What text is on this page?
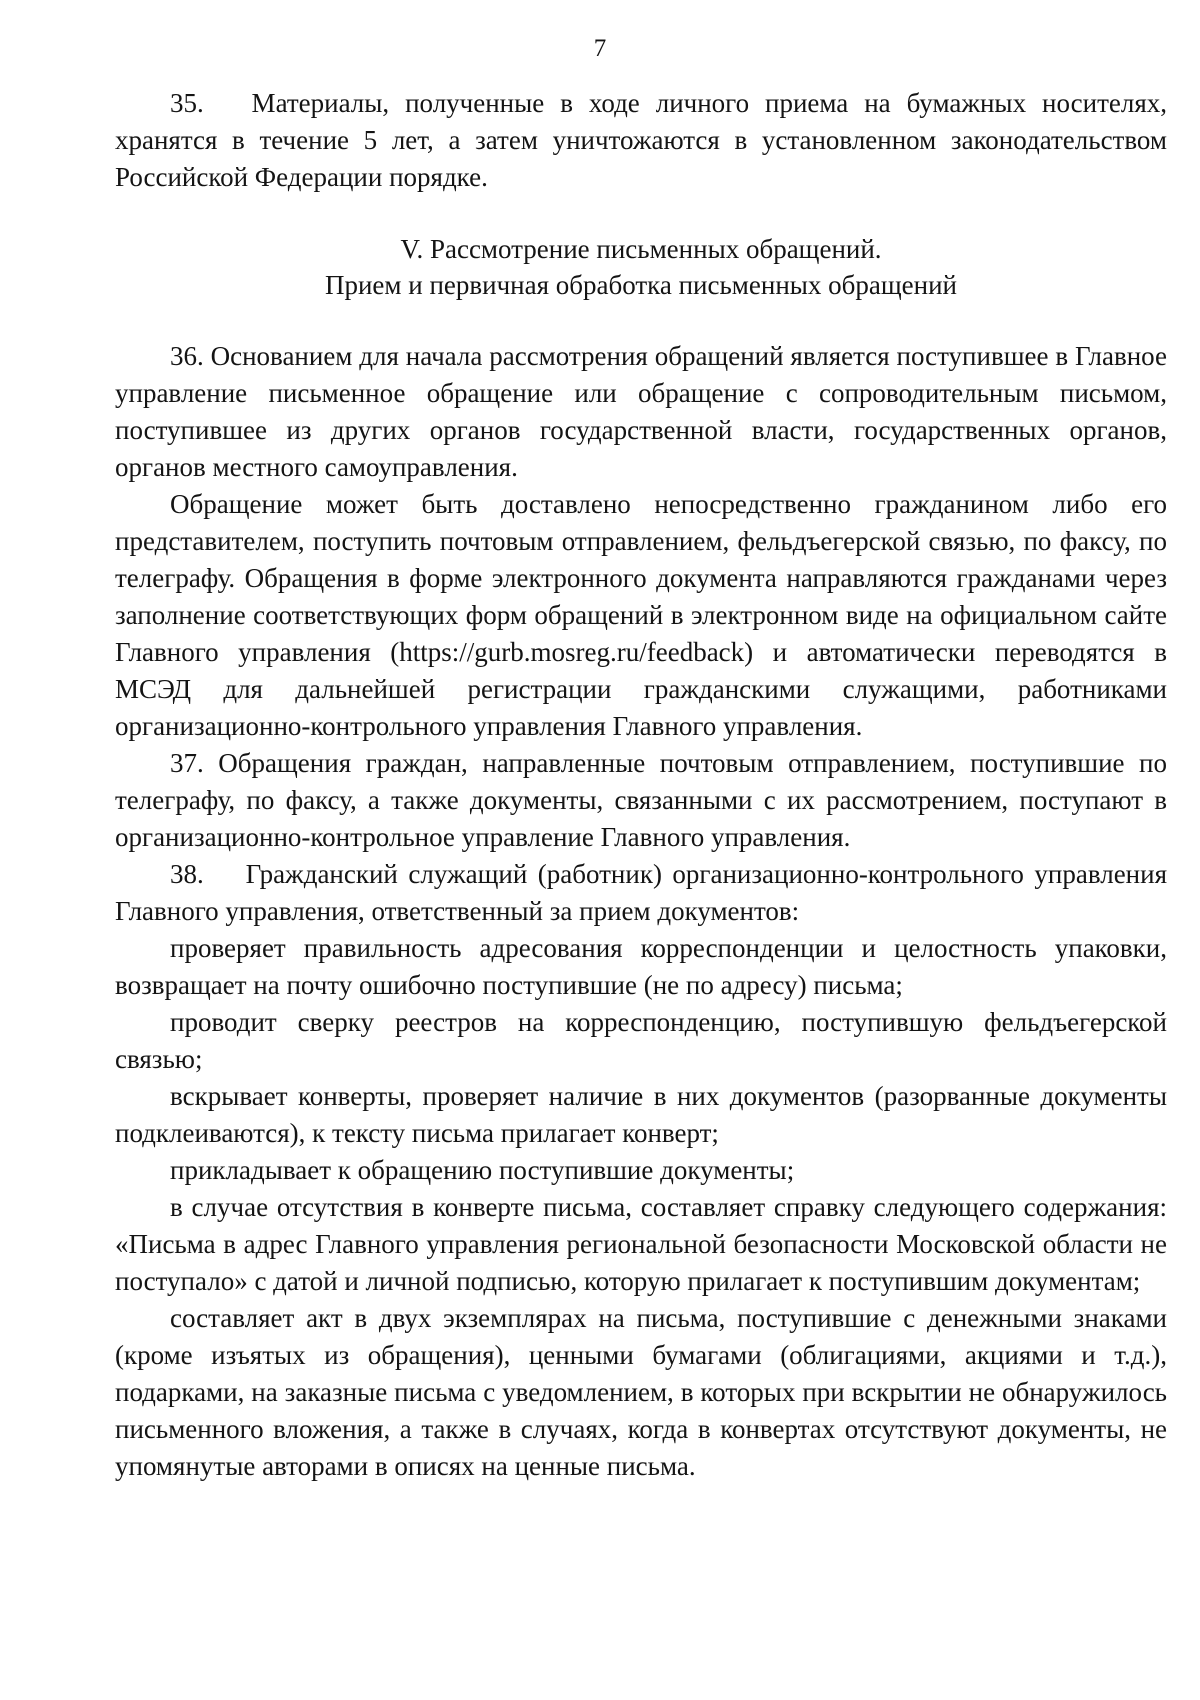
7

35.   Материалы, полученные в ходе личного приема на бумажных носителях, хранятся в течение 5 лет, а затем уничтожаются в установленном законодательством Российской Федерации порядке.

V. Рассмотрение письменных обращений.
Прием и первичная обработка письменных обращений

36. Основанием для начала рассмотрения обращений является поступившее в Главное управление письменное обращение или обращение с сопроводительным письмом, поступившее из других органов государственной власти, государственных органов, органов местного самоуправления.

Обращение может быть доставлено непосредственно гражданином либо его представителем, поступить почтовым отправлением, фельдъегерской связью, по факсу, по телеграфу. Обращения в форме электронного документа направляются гражданами через заполнение соответствующих форм обращений в электронном виде на официальном сайте Главного управления (https://gurb.mosreg.ru/feedback) и автоматически переводятся в МСЭД для дальнейшей регистрации гражданскими служащими, работниками организационно-контрольного управления Главного управления.

37. Обращения граждан, направленные почтовым отправлением, поступившие по телеграфу, по факсу, а также документы, связанными с их рассмотрением, поступают в организационно-контрольное управление Главного управления.

38.    Гражданский служащий (работник) организационно-контрольного управления Главного управления, ответственный за прием документов:

проверяет правильность адресования корреспонденции и целостность упаковки, возвращает на почту ошибочно поступившие (не по адресу) письма;

проводит сверку реестров на корреспонденцию, поступившую фельдъегерской связью;

вскрывает конверты, проверяет наличие в них документов (разорванные документы подклеиваются), к тексту письма прилагает конверт;

прикладывает к обращению поступившие документы;

в случае отсутствия в конверте письма, составляет справку следующего содержания: «Письма в адрес Главного управления региональной безопасности Московской области не поступало» с датой и личной подписью, которую прилагает к поступившим документам;

составляет акт в двух экземплярах на письма, поступившие с денежными знаками (кроме изъятых из обращения), ценными бумагами (облигациями, акциями и т.д.), подарками, на заказные письма с уведомлением, в которых при вскрытии не обнаружилось письменного вложения, а также в случаях, когда в конвертах отсутствуют документы, не упомянутые авторами в описях на ценные письма.
